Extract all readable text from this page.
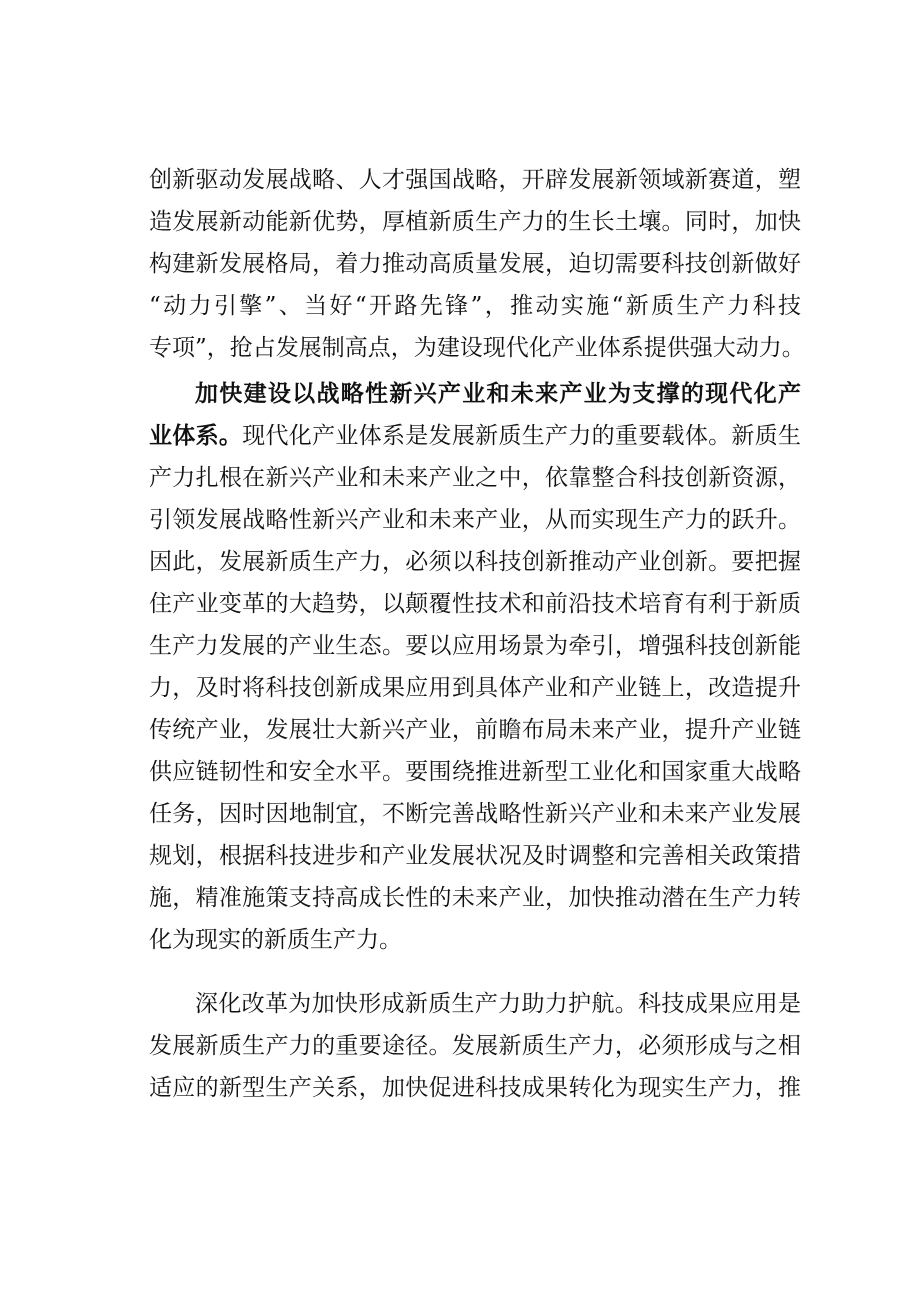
创新驱动发展战略、人才强国战略，开辟发展新领域新赛道，塑
造发展新动能新优势，厚植新质生产力的生长土壤。同时，加快
构建新发展格局，着力推动高质量发展，迫切需要科技创新做好
“动力引擎”、当好“开路先锋”，推动实施“新质生产力科技
专项”，抢占发展制高点，为建设现代化产业体系提供强大动力。
加快建设以战略性新兴产业和未来产业为支撑的现代化产
业体系。现代化产业体系是发展新质生产力的重要载体。新质生
产力扎根在新兴产业和未来产业之中，依靠整合科技创新资源，
引领发展战略性新兴产业和未来产业，从而实现生产力的跃升。
因此，发展新质生产力，必须以科技创新推动产业创新。要把握
住产业变革的大趋势，以颠覆性技术和前沿技术培育有利于新质
生产力发展的产业生态。要以应用场景为牵引，增强科技创新能
力，及时将科技创新成果应用到具体产业和产业链上，改造提升
传统产业，发展壮大新兴产业，前瞻布局未来产业，提升产业链
供应链韧性和安全水平。要围绕推进新型工业化和国家重大战略
任务，因时因地制宜，不断完善战略性新兴产业和未来产业发展
规划，根据科技进步和产业发展状况及时调整和完善相关政策措
施，精准施策支持高成长性的未来产业，加快推动潜在生产力转
化为现实的新质生产力。
深化改革为加快形成新质生产力助力护航。科技成果应用是
发展新质生产力的重要途径。发展新质生产力，必须形成与之相
适应的新型生产关系，加快促进科技成果转化为现实生产力，推
